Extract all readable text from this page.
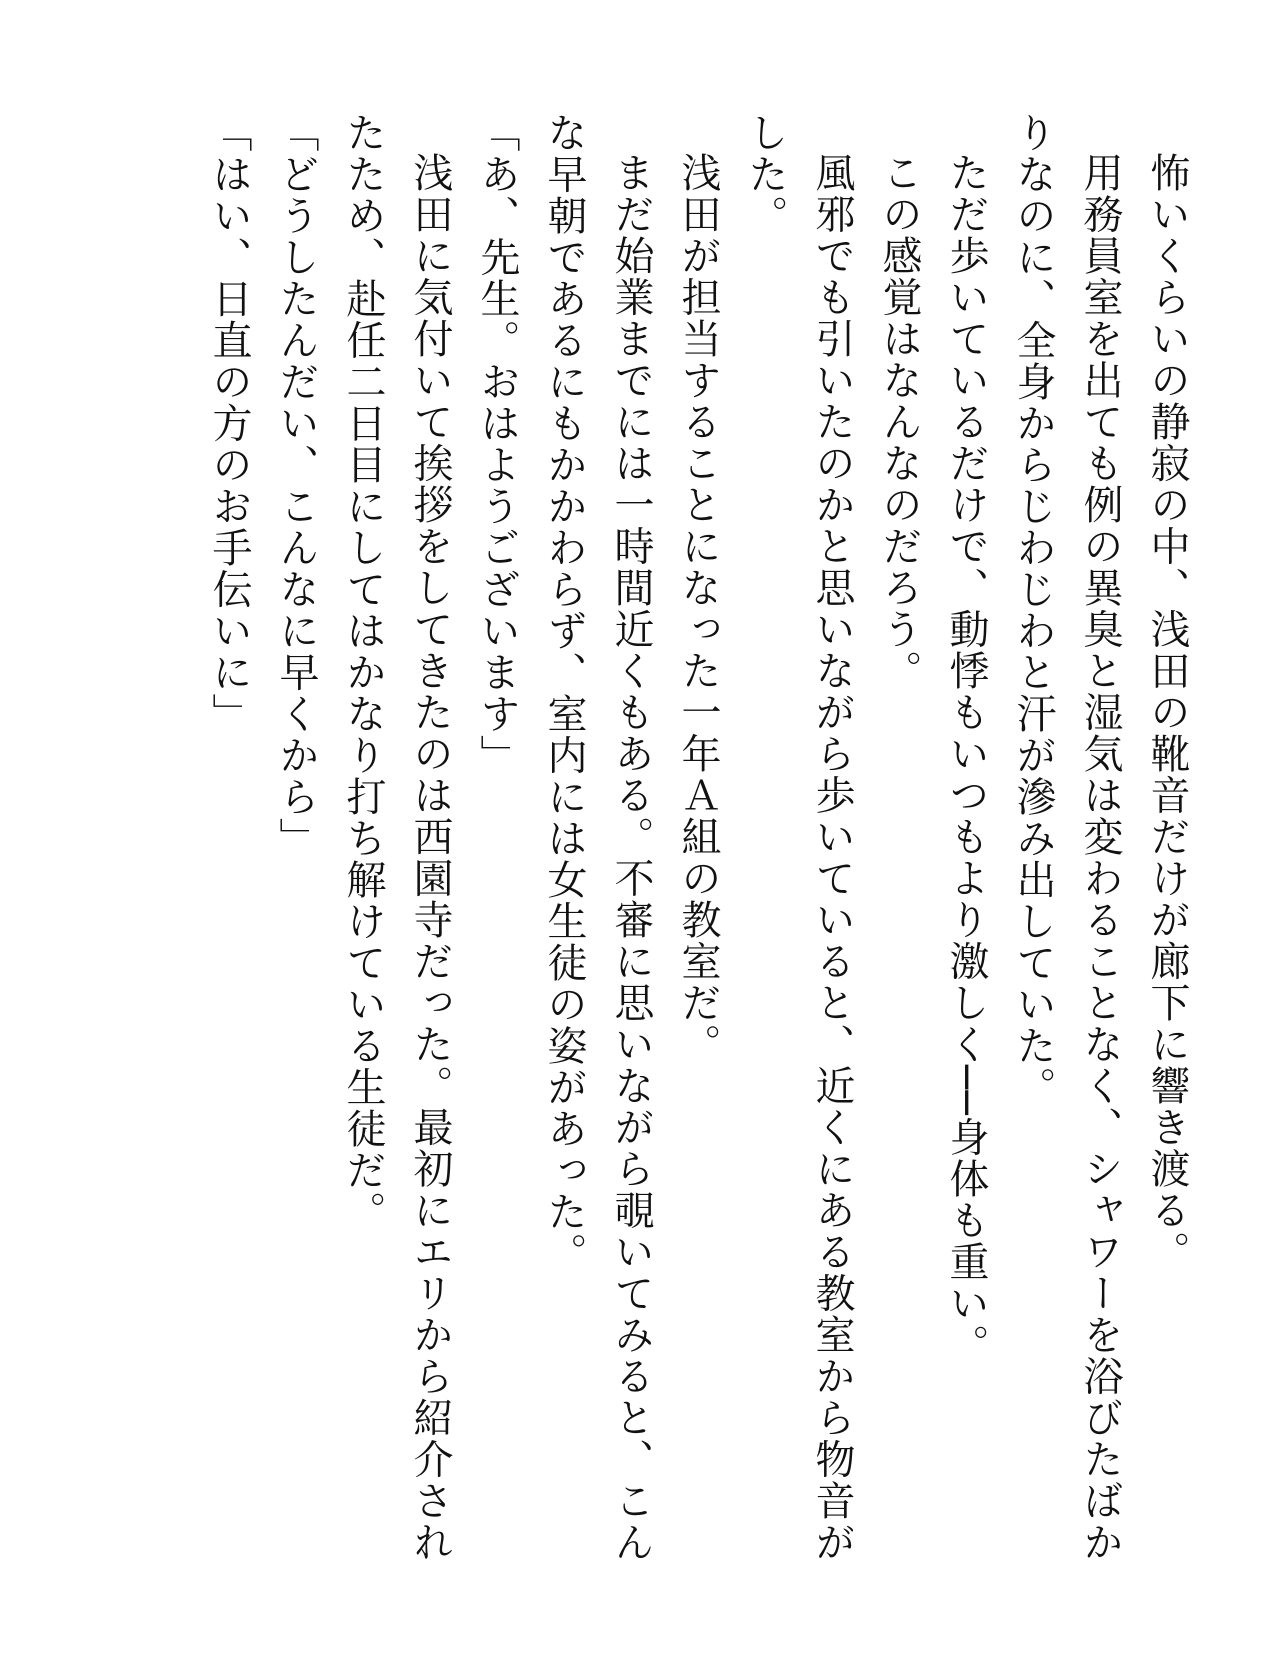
怖いくらいの静寂の中、浅田の靴音だけが廊下に響き渡る。
用務員室を出ても例の異臭と湿気は変わることなく、シャワーを浴びたばか
りなのに、全身からじわじわと汗が滲み出していた。
ただ歩いているだけで、動悸もいつもより激しく──身体も重い。
この感覚はなんなのだろう。
風邪でも引いたのかと思いながら歩いていると、近くにある教室から物音が
した。
浅田が担当することになった一年Ａ組の教室だ。
まだ始業までには一時間近くもある。不審に思いながら覗いてみると、こん
な早朝であるにもかかわらず、室内には女生徒の姿があった。
「あ、先生。おはようございます」
浅田に気付いて挨拶をしてきたのは西園寺だった。最初にエリから紹介され
たため、赴任二日目にしてはかなり打ち解けている生徒だ。
「どうしたんだい、こんなに早くから」
「はい、日直の方のお手伝いに」
